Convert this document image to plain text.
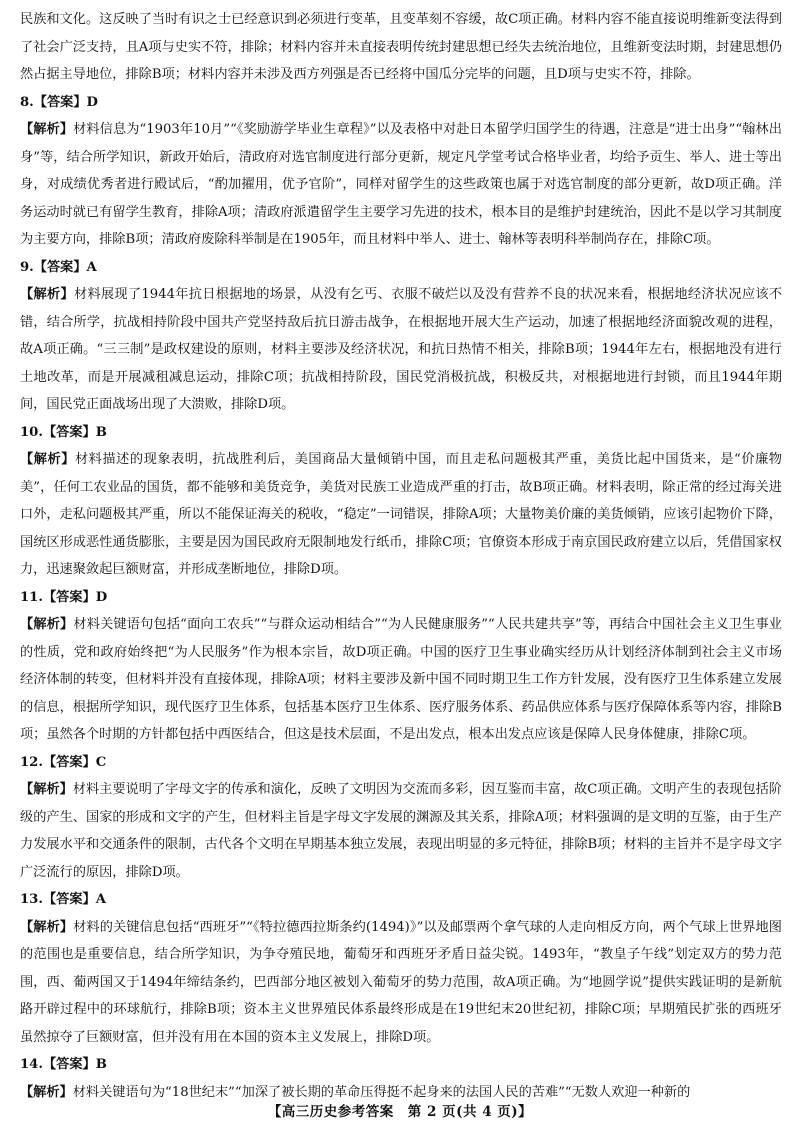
民族和文化。这反映了当时有识之士已经意识到必须进行变革，且变革刻不容缓，故C项正确。材料内容不能直接说明维新变法得到了社会广泛支持，且A项与史实不符，排除；材料内容并未直接表明传统封建思想已经失去统治地位，且维新变法时期，封建思想仍然占据主导地位，排除B项；材料内容并未涉及西方列强是否已经将中国瓜分完毕的问题，且D项与史实不符，排除。

8.【答案】D

【解析】材料信息为“1903年10月”“《奖励游学毕业生章程》”以及表格中对赴日本留学归国学生的待遇，注意是“进士出身”“翰林出身”等，结合所学知识，新政开始后，清政府对选官制度进行部分更新，规定凡学堂考试合格毕业者，均给予贡生、举人、进士等出身，对成绩优秀者进行殿试后，“酌加擢用，优予官阶”，同样对留学生的这些政策也属于对选官制度的部分更新，故D项正确。洋务运动时就已有留学生教育，排除A项；清政府派遣留学生主要学习先进的技术，根本目的是维护封建统治，因此不是以学习其制度为主要方向，排除B项；清政府废除科举制是在1905年，而且材料中举人、进士、翰林等表明科举制尚存在，排除C项。

9.【答案】A

【解析】材料展现了1944年抗日根据地的场景，从没有乞丐、衣服不破烂以及没有营养不良的状况来看，根据地经济状况应该不错，结合所学，抗战相持阶段中国共产党坚持敌后抗日游击战争，在根据地开展大生产运动，加速了根据地经济面貌改观的进程，故A项正确。“三三制”是政权建设的原则，材料主要涉及经济状况，和抗日热情不相关，排除B项；1944年左右，根据地没有进行土地改革，而是开展减租减息运动，排除C项；抗战相持阶段，国民党消极抗战，积极反共，对根据地进行封锁，而且1944年期间，国民党正面战场出现了大溃败，排除D项。

10.【答案】B

【解析】材料描述的现象表明，抗战胜利后，美国商品大量倾销中国，而且走私问题极其严重，美货比起中国货来，是“价廉物美”，任何工农业品的国货，都不能够和美货竞争，美货对民族工业造成严重的打击，故B项正确。材料表明，除正常的经过海关进口外，走私问题极其严重，所以不能保证海关的税收，“稳定”一词错误，排除A项；大量物美价廉的美货倾销，应该引起物价下降，国统区形成恶性通货膨胀，主要是因为国民政府无限制地发行纸币，排除C项；官僚资本形成于南京国民政府建立以后，凭借国家权力，迅速聚敛起巨额财富，并形成垄断地位，排除D项。

11.【答案】D

【解析】材料关键语句包括“面向工农兵”“与群众运动相结合”“为人民健康服务”“人民共建共享”等，再结合中国社会主义卫生事业的性质，党和政府始终把“为人民服务”作为根本宗旨，故D项正确。中国的医疗卫生事业确实经历从计划经济体制到社会主义市场经济体制的转变，但材料并没有直接体现，排除A项；材料主要涉及新中国不同时期卫生工作方针发展，没有医疗卫生体系建立发展的信息，根据所学知识，现代医疗卫生体系，包括基本医疗卫生体系、医疗服务体系、药品供应体系与医疗保障体系等内容，排除B项；虽然各个时期的方针都包括中西医结合，但这是技术层面，不是出发点，根本出发点应该是保障人民身体健康，排除C项。

12.【答案】C

【解析】材料主要说明了字母文字的传承和演化，反映了文明因为交流而多彩，因互鉴而丰富，故C项正确。文明产生的表现包括阶级的产生、国家的形成和文字的产生，但材料主旨是字母文字发展的渊源及其关系，排除A项；材料强调的是文明的互鉴，由于生产力发展水平和交通条件的限制，古代各个文明在早期基本独立发展，表现出明显的多元特征，排除B项；材料的主旨并不是字母文字广泛流行的原因，排除D项。

13.【答案】A

【解析】材料的关键信息包括“西班牙”“《特拉德西拉斯条约(1494)》”以及邮票两个拿气球的人走向相反方向，两个气球上世界地图的范围也是重要信息，结合所学知识，为争夺殖民地，葡萄牙和西班牙矛盾日益尖锐。1493年，“教皇子午线”划定双方的势力范围，西、葡两国又于1494年缔结条约，巴西部分地区被划入葡萄牙的势力范围，故A项正确。为“地圆学说”提供实践证明的是新航路开辟过程中的环球航行，排除B项；资本主义世界殖民体系最终形成是在19世纪末20世纪初，排除C项；早期殖民扩张的西班牙虽然掠夺了巨额财富，但并没有用在本国的资本主义发展上，排除D项。

14.【答案】B

【解析】材料关键语句为“18世纪末”“加深了被长期的革命压得挺不起身来的法国人民的苦难”“无数人欢迎一种新的

【高三历史参考答案　第 2 页(共 4 页)】
